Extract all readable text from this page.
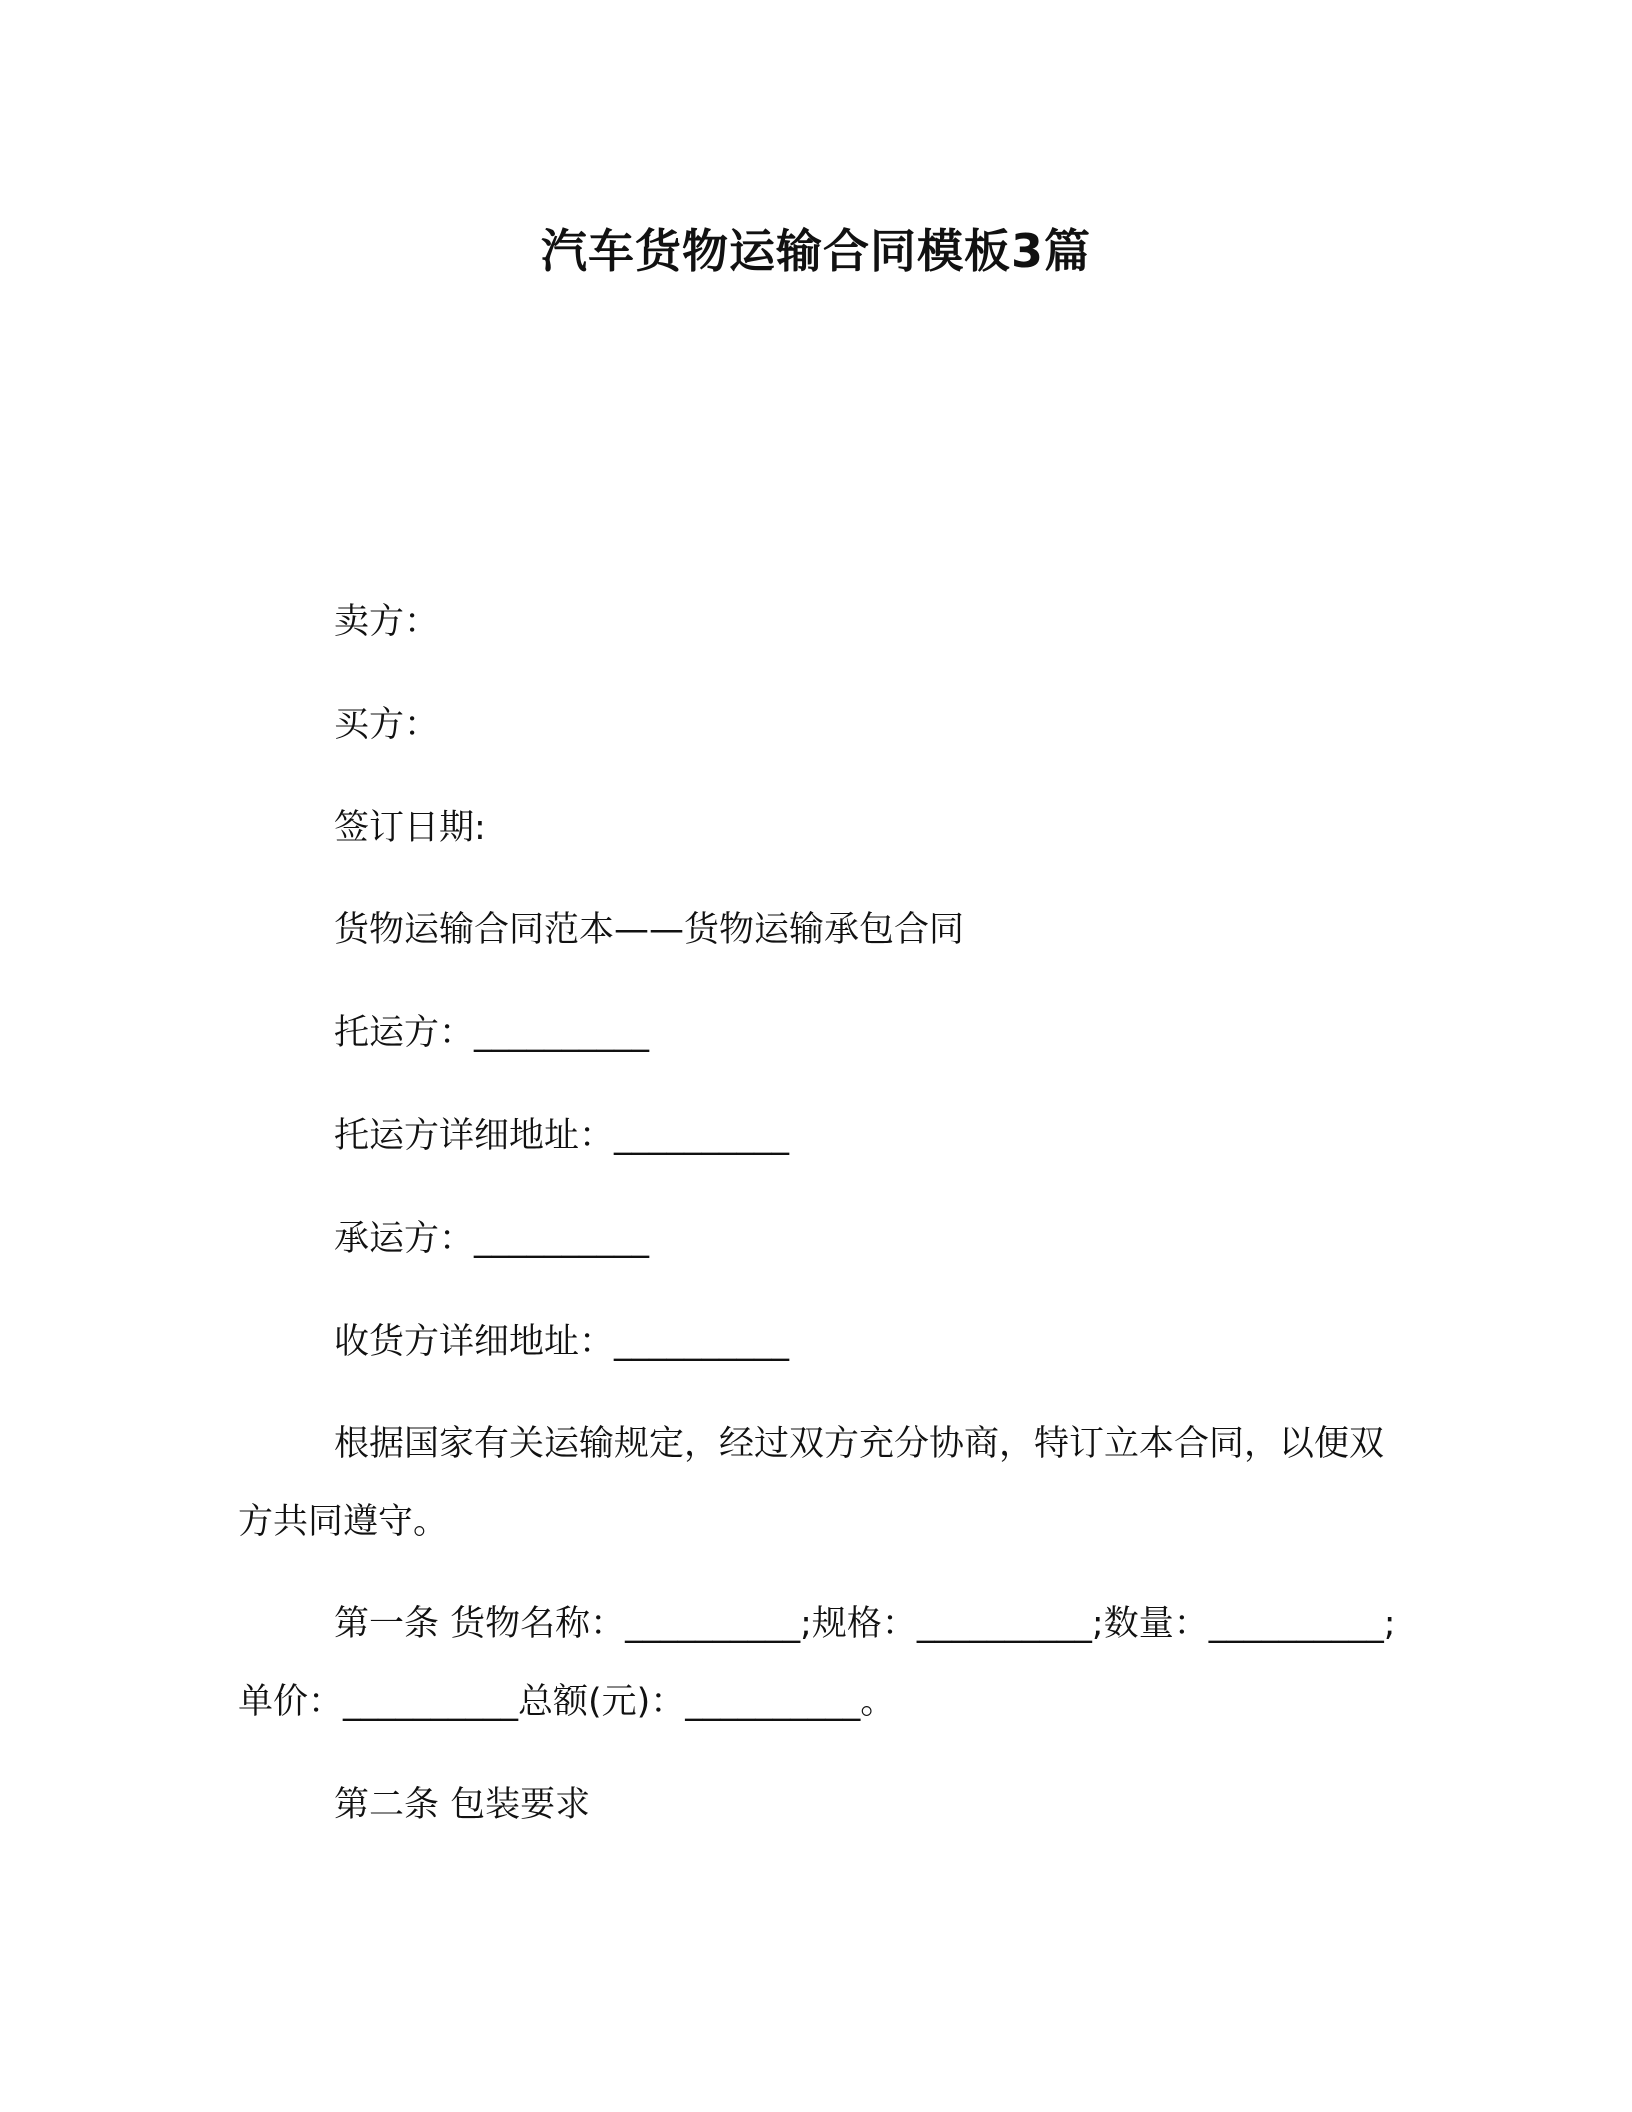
汽车货物运输合同模板3篇
卖方：
买方：
签订日期:
货物运输合同范本——货物运输承包合同
托运方：__________
托运方详细地址：__________
承运方：__________
收货方详细地址：__________
根据国家有关运输规定，经过双方充分协商，特订立本合同，以便双方共同遵守。
第一条 货物名称：__________;规格：__________;数量：__________;单价：__________总额(元)：__________。
第二条 包装要求
